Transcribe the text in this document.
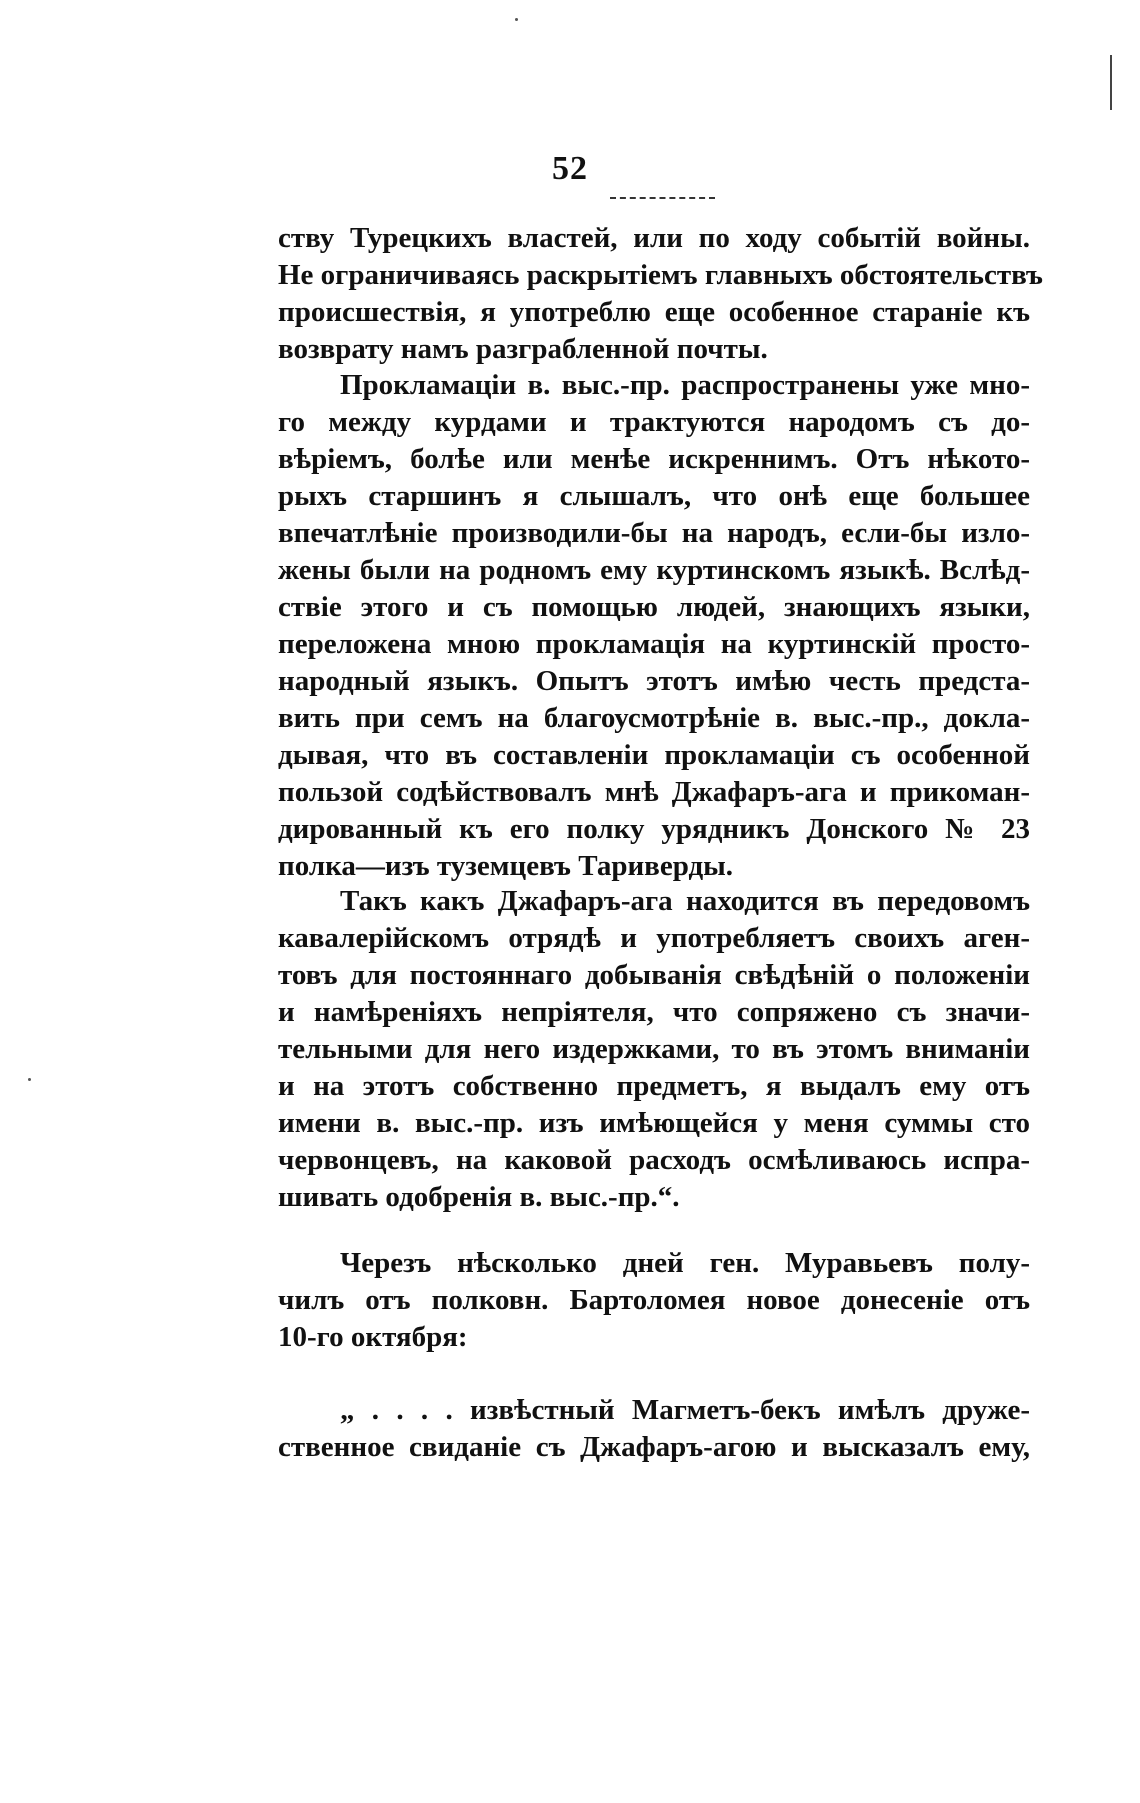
52
ству Турецкихъ властей, или по ходу событій войны.
Не ограничиваясь раскрытіемъ главныхъ обстоятельствъ
происшествія, я употреблю еще особенное стараніе къ
возврату намъ разграбленной почты.
Прокламаціи в. выс.-пр. распространены уже мно-
го между курдами и трактуются народомъ съ до-
вѣріемъ, болѣе или менѣе искреннимъ. Отъ нѣкото-
рыхъ старшинъ я слышалъ, что онѣ еще большее
впечатлѣніе производили-бы на народъ, если-бы изло-
жены были на родномъ ему куртинскомъ языкѣ. Вслѣд-
ствіе этого и съ помощью людей, знающихъ языки,
переложена мною прокламація на куртинскій просто-
народный языкъ. Опытъ этотъ имѣю честь предста-
вить при семъ на благоусмотрѣніе в. выс.-пр., доклa-
дывая, что въ составленіи прокламаціи съ особенной
пользой содѣйствовалъ мнѣ Джафаръ-ага и прикоман-
дированный къ его полку урядникъ Донского № 23
полка—изъ туземцевъ Тариверды.
Такъ какъ Джафаръ-ага находится въ передовомъ
кавалерійскомъ отрядѣ и употребляетъ своихъ аген-
товъ для постояннаго добыванія свѣдѣній о положеніи
и намѣреніяхъ непріятеля, что сопряжено съ значи-
тельными для него издержками, то въ этомъ вниманіи
и на этотъ собственно предметъ, я выдалъ ему отъ
имени в. выс.-пр. изъ имѣющейся у меня суммы сто
червонцевъ, на каковой расходъ осмѣливаюсь испра-
шивать одобренія в. выс.-пр.“.
Черезъ нѣсколько дней ген. Муравьевъ полу-
чилъ отъ полковн. Бартоломея новое донесеніе отъ
10-го октября:
„ . . . . извѣстный Магметъ-бекъ имѣлъ друже-
ственное свиданіе съ Джафаръ-агою и высказалъ ему,
